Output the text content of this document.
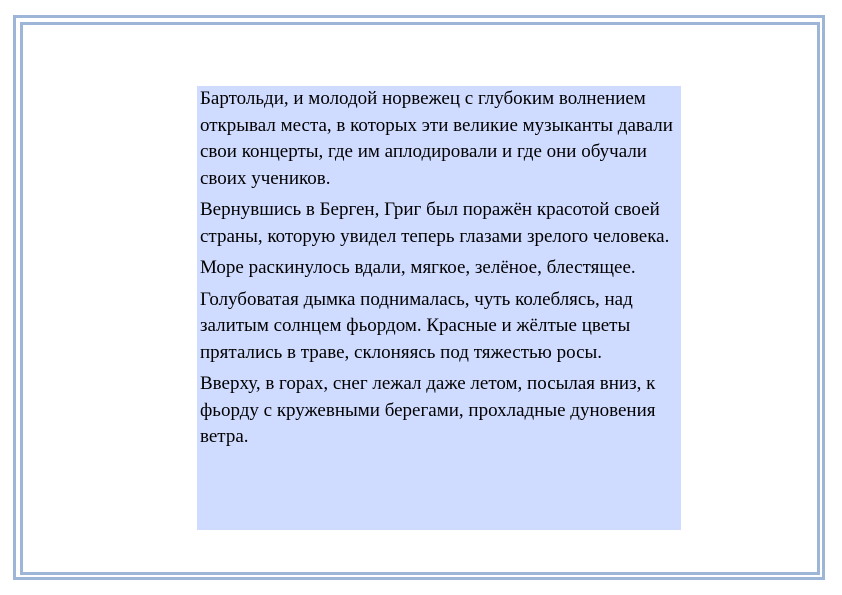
Бартольди, и молодой норвежец с глубоким волнением открывал места, в которых эти великие музыканты давали свои концерты, где им аплодировали и где они обучали своих учеников.

Вернувшись в Берген, Григ был поражён красотой своей страны, которую увидел теперь глазами зрелого человека.

Море раскинулось вдали, мягкое, зелёное, блестящее.

Голубоватая дымка поднималась, чуть колеблясь, над залитым солнцем фьордом. Красные и жёлтые цветы прятались в траве, склоняясь под тяжестью росы.

Вверху, в горах, снег лежал даже летом, посылая вниз, к фьорду с кружевными берегами, прохладные дуновения ветра.
